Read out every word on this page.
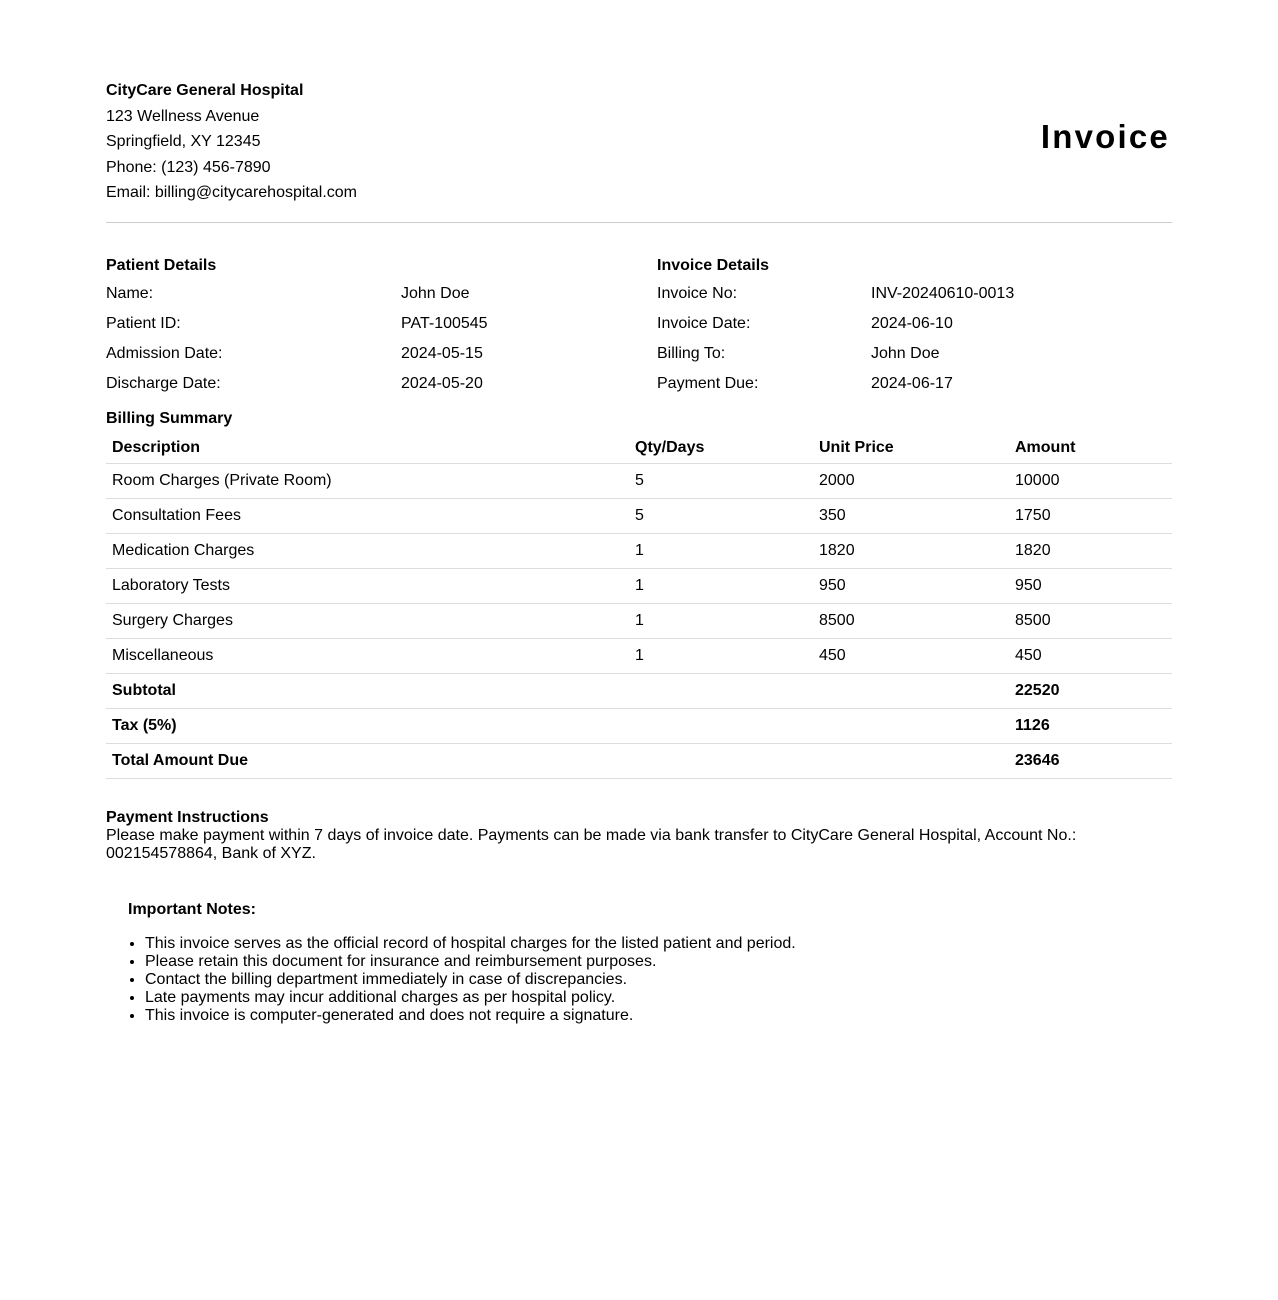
CityCare General Hospital
123 Wellness Avenue
Springfield, XY 12345
Phone: (123) 456-7890
Email: billing@citycarehospital.com
Invoice
Patient Details
Name:	John Doe
Patient ID:	PAT-100545
Admission Date:	2024-05-15
Discharge Date:	2024-05-20
Invoice Details
Invoice No:	INV-20240610-0013
Invoice Date:	2024-06-10
Billing To:	John Doe
Payment Due:	2024-06-17
Billing Summary
Description	Qty/Days	Unit Price	Amount
Room Charges (Private Room)	5	2000	10000
Consultation Fees	5	350	1750
Medication Charges	1	1820	1820
Laboratory Tests	1	950	950
Surgery Charges	1	8500	8500
Miscellaneous	1	450	450
Subtotal			22520
Tax (5%)			1126
Total Amount Due			23646
Payment Instructions
Please make payment within 7 days of invoice date. Payments can be made via bank transfer to CityCare General Hospital, Account No.: 002154578864, Bank of XYZ.
Important Notes:
• This invoice serves as the official record of hospital charges for the listed patient and period.
• Please retain this document for insurance and reimbursement purposes.
• Contact the billing department immediately in case of discrepancies.
• Late payments may incur additional charges as per hospital policy.
• This invoice is computer-generated and does not require a signature.
